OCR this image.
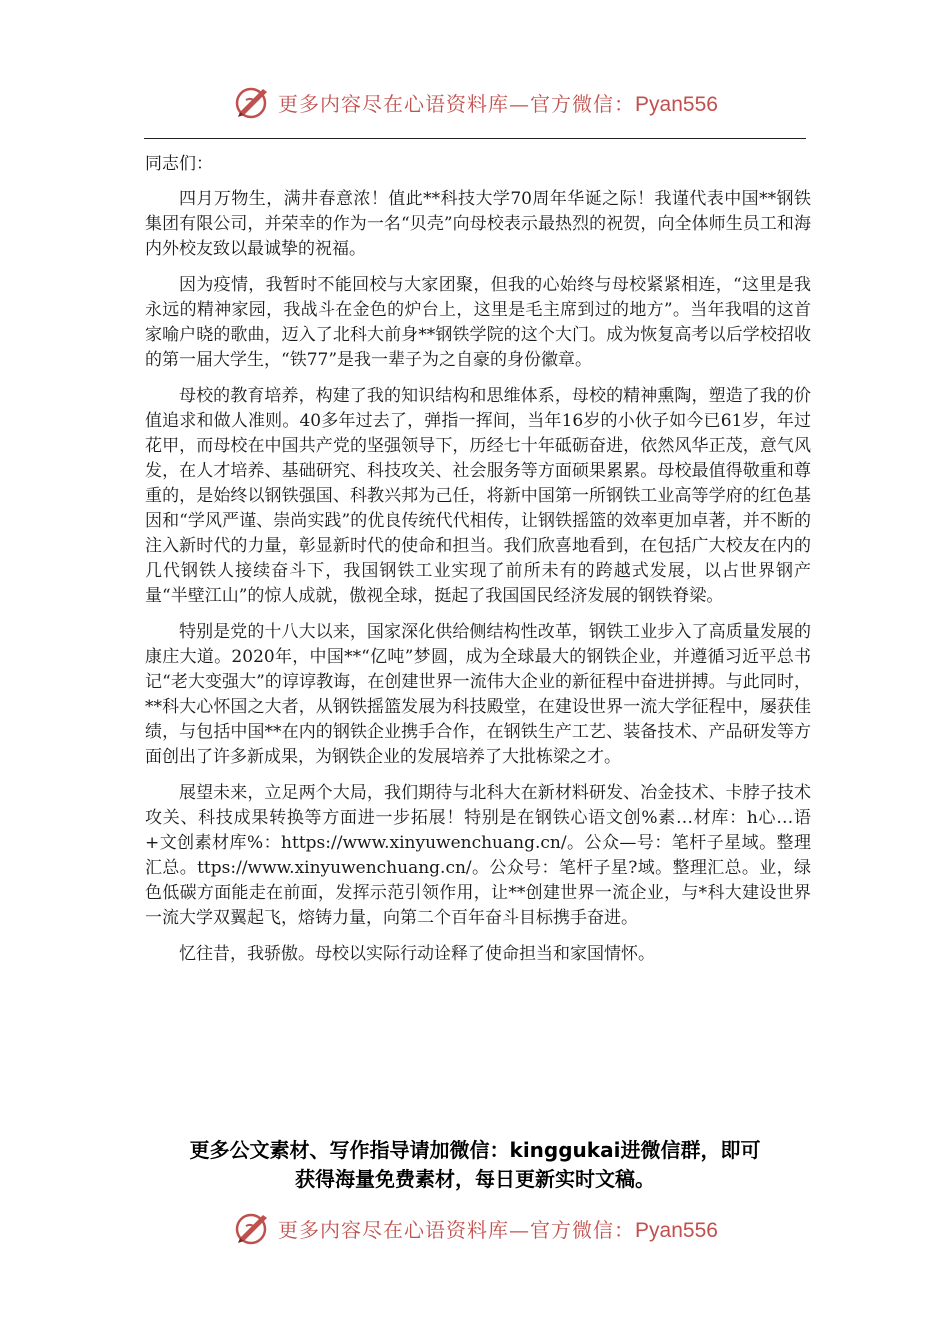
更多内容尽在心语资料库—官方微信：Pyan556

同志们：

四月万物生，满井春意浓！值此**科技大学70周年华诞之际！我谨代表中国**钢铁集团有限公司，并荣幸的作为一名“贝壳”向母校表示最热烈的祝贺，向全体师生员工和海内外校友致以最诚挚的祝福。

因为疫情，我暂时不能回校与大家团聚，但我的心始终与母校紧紧相连，“这里是我永远的精神家园，我战斗在金色的炉台上，这里是毛主席到过的地方”。当年我唱的这首家喻户晓的歌曲，迈入了北科大前身**钢铁学院的这个大门。成为恢复高考以后学校招收的第一届大学生，“铁77”是我一辈子为之自豪的身份徽章。

母校的教育培养，构建了我的知识结构和思维体系，母校的精神熏陶，塑造了我的价值追求和做人准则。40多年过去了，弹指一挥间，当年16岁的小伙子如今已61岁，年过花甲，而母校在中国共产党的坚强领导下，历经七十年砥砺奋进，依然风华正茂，意气风发，在人才培养、基础研究、科技攻关、社会服务等方面硕果累累。母校最值得敬重和尊重的，是始终以钢铁强国、科教兴邦为己任，将新中国第一所钢铁工业高等学府的红色基因和“学风严谨、崇尚实践”的优良传统代代相传，让钢铁摇篮的效率更加卓著，并不断的注入新时代的力量，彰显新时代的使命和担当。我们欣喜地看到，在包括广大校友在内的几代钢铁人接续奋斗下，我国钢铁工业实现了前所未有的跨越式发展，以占世界钢产量“半壁江山”的惊人成就，傲视全球，挺起了我国国民经济发展的钢铁脊梁。

特别是党的十八大以来，国家深化供给侧结构性改革，钢铁工业步入了高质量发展的康庄大道。2020年，中国**“亿吨”梦圆，成为全球最大的钢铁企业，并遵循习近平总书记“老大变强大”的谆谆教诲，在创建世界一流伟大企业的新征程中奋进拼搏。与此同时，**科大心怀国之大者，从钢铁摇篮发展为科技殿堂，在建设世界一流大学征程中，屡获佳绩，与包括中国**在内的钢铁企业携手合作，在钢铁生产工艺、装备技术、产品研发等方面创出了许多新成果，为钢铁企业的发展培养了大批栋梁之才。

展望未来，立足两个大局，我们期待与北科大在新材料研发、冶金技术、卡脖子技术攻关、科技成果转换等方面进一步拓展！特别是在钢铁心语文创%素…材库：h心…语+文创素材库%：https://www.xinyuwenchuang.cn/。公众—号：笔杆子星域。整理汇总。ttps://www.xinyuwenchuang.cn/。公众号：笔杆子星?域。整理汇总。业，绿色低碳方面能走在前面，发挥示范引领作用，让**创建世界一流企业，与*科大建设世界一流大学双翼起飞，熔铸力量，向第二个百年奋斗目标携手奋进。

忆往昔，我骄傲。母校以实际行动诠释了使命担当和家国情怀。

更多公文素材、写作指导请加微信：kinggukai进微信群，即可
获得海量免费素材，每日更新实时文稿。
更多内容尽在心语资料库—官方微信：Pyan556
